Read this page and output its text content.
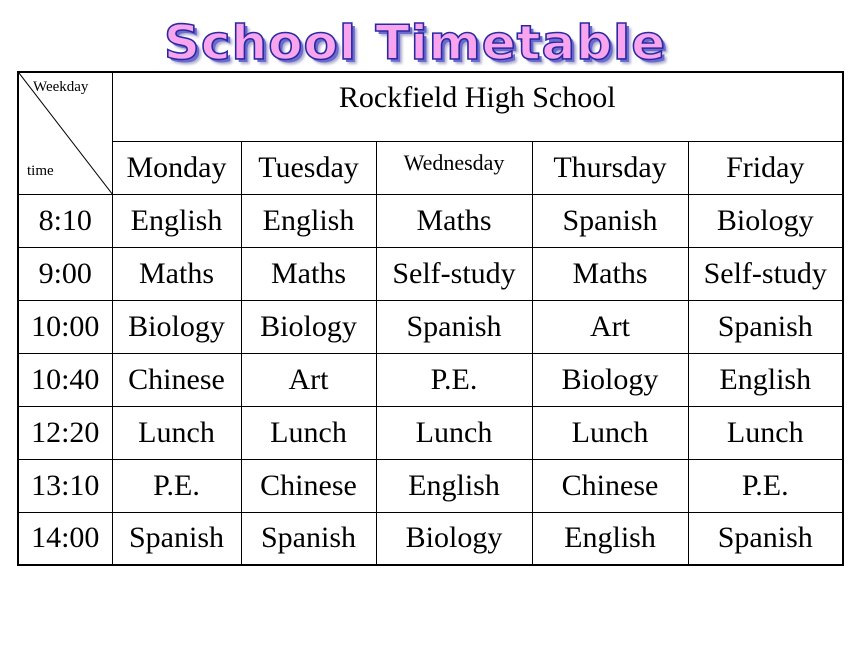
School Timetable
Weekday
time	Rockfield High School				
	Monday	Tuesday	Wednesday	Thursday	Friday
8:10	English	English	Maths	Spanish	Biology
9:00	Maths	Maths	Self-study	Maths	Self-study
10:00	Biology	Biology	Spanish	Art	Spanish
10:40	Chinese	Art	P.E.	Biology	English
12:20	Lunch	Lunch	Lunch	Lunch	Lunch
13:10	P.E.	Chinese	English	Chinese	P.E.
14:00	Spanish	Spanish	Biology	English	Spanish
